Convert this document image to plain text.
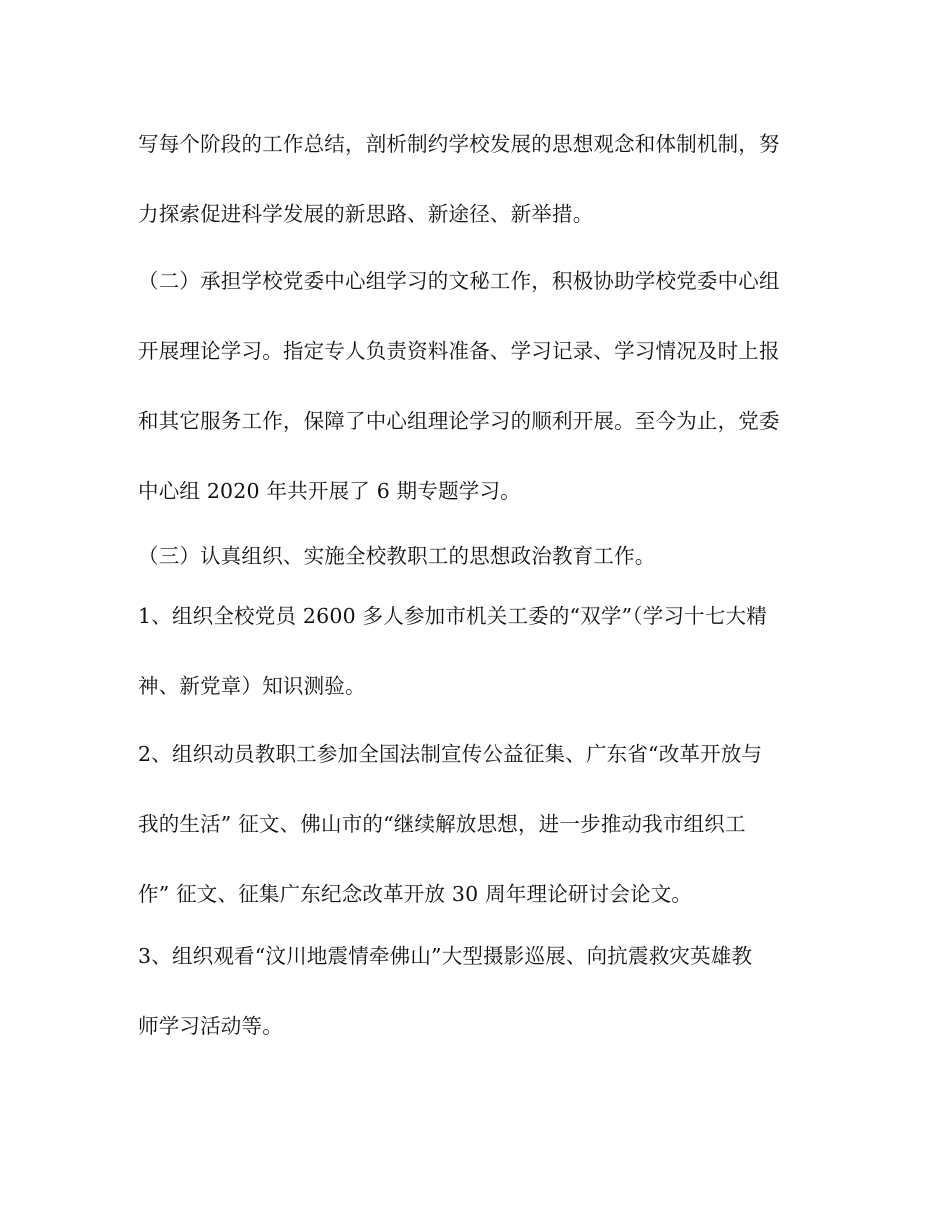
写每个阶段的工作总结，剖析制约学校发展的思想观念和体制机制，努
力探索促进科学发展的新思路、新途径、新举措。
（二）承担学校党委中心组学习的文秘工作，积极协助学校党委中心组
开展理论学习。指定专人负责资料准备、学习记录、学习情况及时上报
和其它服务工作，保障了中心组理论学习的顺利开展。至今为止，党委
中心组 2020 年共开展了 6 期专题学习。
（三）认真组织、实施全校教职工的思想政治教育工作。
1、组织全校党员 2600 多人参加市机关工委的“双学”（学习十七大精
神、新党章）知识测验。
2、组织动员教职工参加全国法制宣传公益征集、广东省“改革开放与
我的生活” 征文、佛山市的“继续解放思想，进一步推动我市组织工
作” 征文、征集广东纪念改革开放 30 周年理论研讨会论文。
3、组织观看“汶川地震情牵佛山”大型摄影巡展、向抗震救灾英雄教
师学习活动等。
